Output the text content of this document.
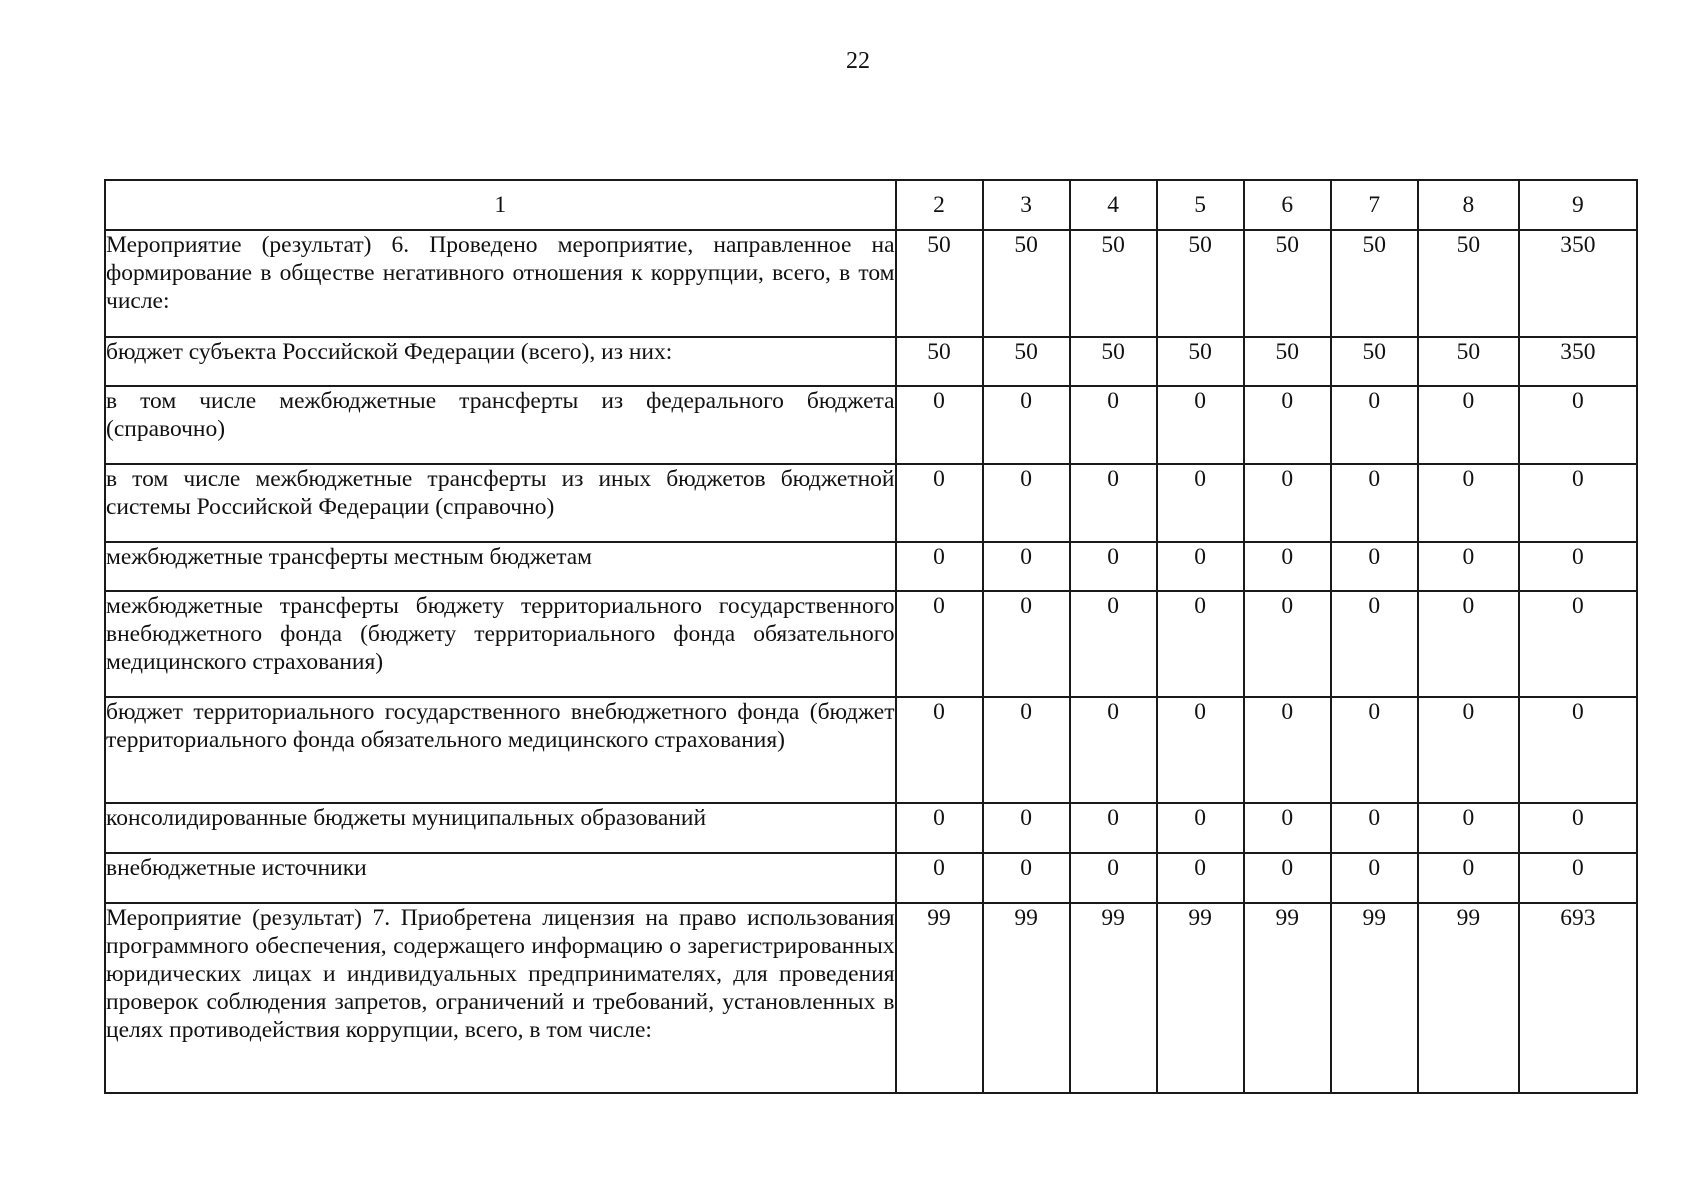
22
1	2	3	4	5	6	7	8	9
Мероприятие (результат) 6. Проведено мероприятие, направленное на формирование в обществе негативного отношения к коррупции, всего, в том числе:	50	50	50	50	50	50	50	350
бюджет субъекта Российской Федерации (всего), из них:	50	50	50	50	50	50	50	350
в том числе межбюджетные трансферты из федерального бюджета (справочно)	0	0	0	0	0	0	0	0
в том числе межбюджетные трансферты из иных бюджетов бюджетной системы Российской Федерации (справочно)	0	0	0	0	0	0	0	0
межбюджетные трансферты местным бюджетам	0	0	0	0	0	0	0	0
межбюджетные трансферты бюджету территориального государственного внебюджетного фонда (бюджету территориального фонда обязательного медицинского страхования)	0	0	0	0	0	0	0	0
бюджет территориального государственного внебюджетного фонда (бюджет территориального фонда обязательного медицинского страхования)	0	0	0	0	0	0	0	0
консолидированные бюджеты муниципальных образований	0	0	0	0	0	0	0	0
внебюджетные источники	0	0	0	0	0	0	0	0
Мероприятие (результат) 7. Приобретена лицензия на право использования программного обеспечения, содержащего информацию о зарегистрированных юридических лицах и индивидуальных предпринимателях, для проведения проверок соблюдения запретов, ограничений и требований, установленных в целях противодействия коррупции, всего, в том числе:	99	99	99	99	99	99	99	693
